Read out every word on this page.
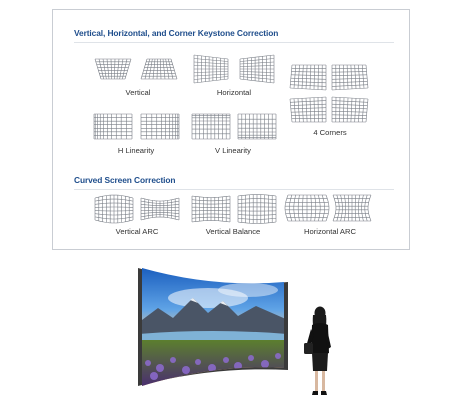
Vertical, Horizontal, and Corner Keystone Correction
Vertical	Horizontal
4 Corners
H Linearity	V Linearity
Curved Screen Correction
Vertical ARC	Vertical Balance	Horizontal ARC
